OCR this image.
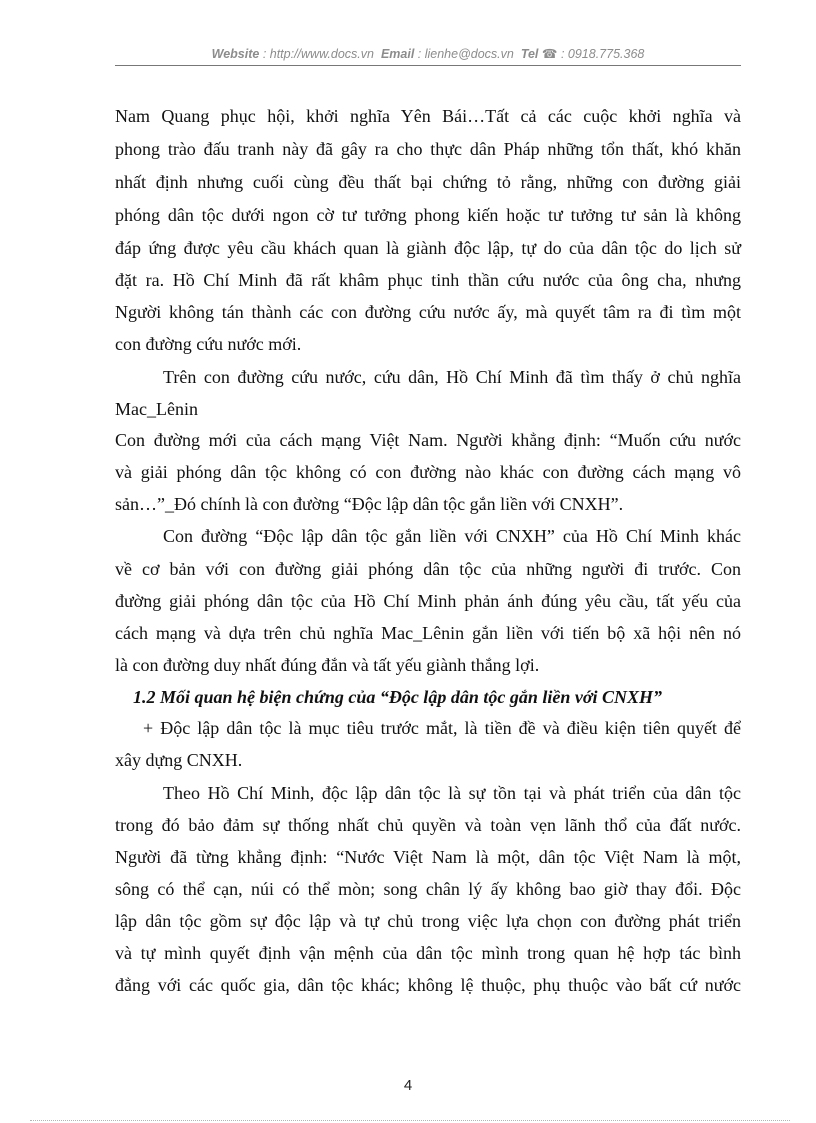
Website : http://www.docs.vn Email : lienhe@docs.vn Tel ☎ : 0918.775.368
Nam Quang phục hội, khởi nghĩa Yên Bái…Tất cả các cuộc khởi nghĩa và
phong trào đấu tranh này đã gây ra cho thực dân Pháp những tổn thất, khó khăn
nhất định nhưng cuối cùng đều thất bại chứng tỏ rằng, những con đường giải
phóng dân tộc dưới ngon cờ tư tưởng phong kiến hoặc tư tưởng tư sản là không
đáp ứng được yêu cầu khách quan là giành độc lập, tự do của dân tộc do lịch sử
đặt ra. Hồ Chí Minh đã rất khâm phục tinh thần cứu nước của ông cha, nhưng
Người không tán thành các con đường cứu nước ấy, mà quyết tâm ra đi tìm một
con đường cứu nước mới.
Trên con đường cứu nước, cứu dân, Hồ Chí Minh đã tìm thấy ở chủ nghĩa
Mac_Lênin
Con đường mới của cách mạng Việt Nam. Người khẳng định: “Muốn cứu nước
và giải phóng dân tộc không có con đường nào khác con đường cách mạng vô
sản…”_Đó chính là con đường “Độc lập dân tộc gắn liền với CNXH”.
Con đường “Độc lập dân tộc gắn liền với CNXH” của Hồ Chí Minh khác
về cơ bản với con đường giải phóng dân tộc của những người đi trước. Con
đường giải phóng dân tộc của Hồ Chí Minh phản ánh đúng yêu cầu, tất yếu của
cách mạng và dựa trên chủ nghĩa Mac_Lênin gắn liền với tiến bộ xã hội nên nó
là con đường duy nhất đúng đắn và tất yếu giành thắng lợi.
1.2 Mối quan hệ biện chứng của “Độc lập dân tộc gắn liền với CNXH”
+ Độc lập dân tộc là mục tiêu trước mắt, là tiền đề và điều kiện tiên quyết để
xây dựng CNXH.
Theo Hồ Chí Minh, độc lập dân tộc là sự tồn tại và phát triển của dân tộc
trong đó bảo đảm sự thống nhất chủ quyền và toàn vẹn lãnh thổ của đất nước.
Người đã từng khẳng định: “Nước Việt Nam là một, dân tộc Việt Nam là một,
sông có thể cạn, núi có thể mòn; song chân lý ấy không bao giờ thay đổi. Độc
lập dân tộc gồm sự độc lập và tự chủ trong việc lựa chọn con đường phát triển
và tự mình quyết định vận mệnh của dân tộc mình trong quan hệ hợp tác bình
đẳng với các quốc gia, dân tộc khác; không lệ thuộc, phụ thuộc vào bất cứ nước
4
